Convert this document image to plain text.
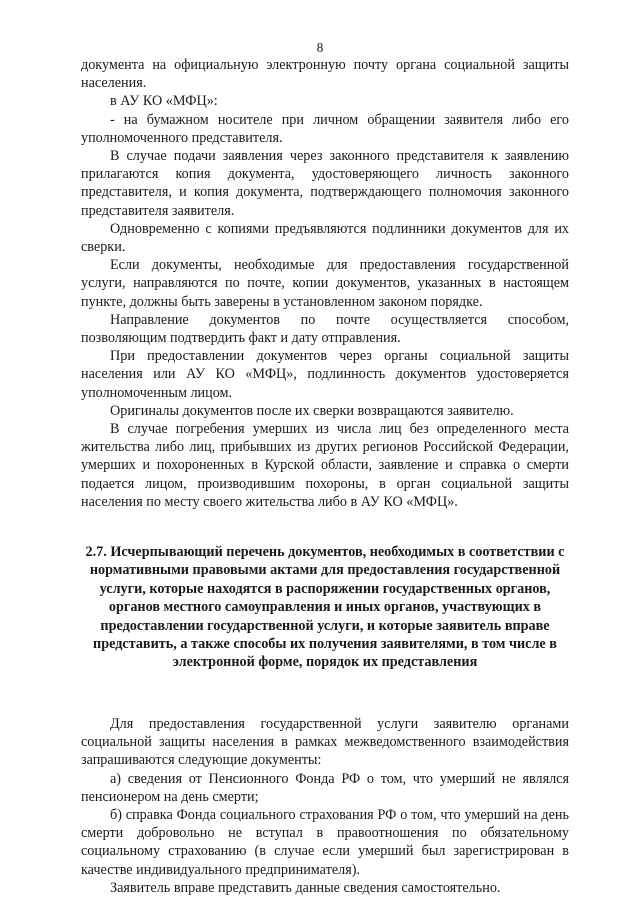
8

документа на официальную электронную почту органа социальной защиты населения.

в АУ КО «МФЦ»:

- на бумажном носителе при личном обращении заявителя либо его уполномоченного представителя.

В случае подачи заявления через законного представителя к заявлению прилагаются копия документа, удостоверяющего личность законного представителя, и копия документа, подтверждающего полномочия законного представителя заявителя.

Одновременно с копиями предъявляются подлинники документов для их сверки.

Если документы, необходимые для предоставления государственной услуги, направляются по почте, копии документов, указанных в настоящем пункте, должны быть заверены в установленном законом порядке.

Направление документов по почте осуществляется способом, позволяющим подтвердить факт и дату отправления.

При предоставлении документов через органы социальной защиты населения или АУ КО «МФЦ», подлинность документов удостоверяется уполномоченным лицом.

Оригиналы документов после их сверки возвращаются заявителю.

В случае погребения умерших из числа лиц без определенного места жительства либо лиц, прибывших из других регионов Российской Федерации, умерших и похороненных в Курской области, заявление и справка о смерти подается лицом, производившим похороны, в орган социальной защиты населения по месту своего жительства либо в АУ КО «МФЦ».

2.7. Исчерпывающий перечень документов, необходимых в соответствии с нормативными правовыми актами для предоставления государственной услуги, которые находятся в распоряжении государственных органов, органов местного самоуправления и иных органов, участвующих в предоставлении государственной услуги, и которые заявитель вправе представить, а также способы их получения заявителями, в том числе в электронной форме, порядок их представления

Для предоставления государственной услуги заявителю органами социальной защиты населения в рамках межведомственного взаимодействия запрашиваются следующие документы:

а) сведения от Пенсионного Фонда РФ о том, что умерший не являлся пенсионером на день смерти;

б) справка Фонда социального страхования РФ о том, что умерший на день смерти добровольно не вступал в правоотношения по обязательному социальному страхованию (в случае если умерший был зарегистрирован в качестве индивидуального предпринимателя).

Заявитель вправе представить данные сведения самостоятельно.
